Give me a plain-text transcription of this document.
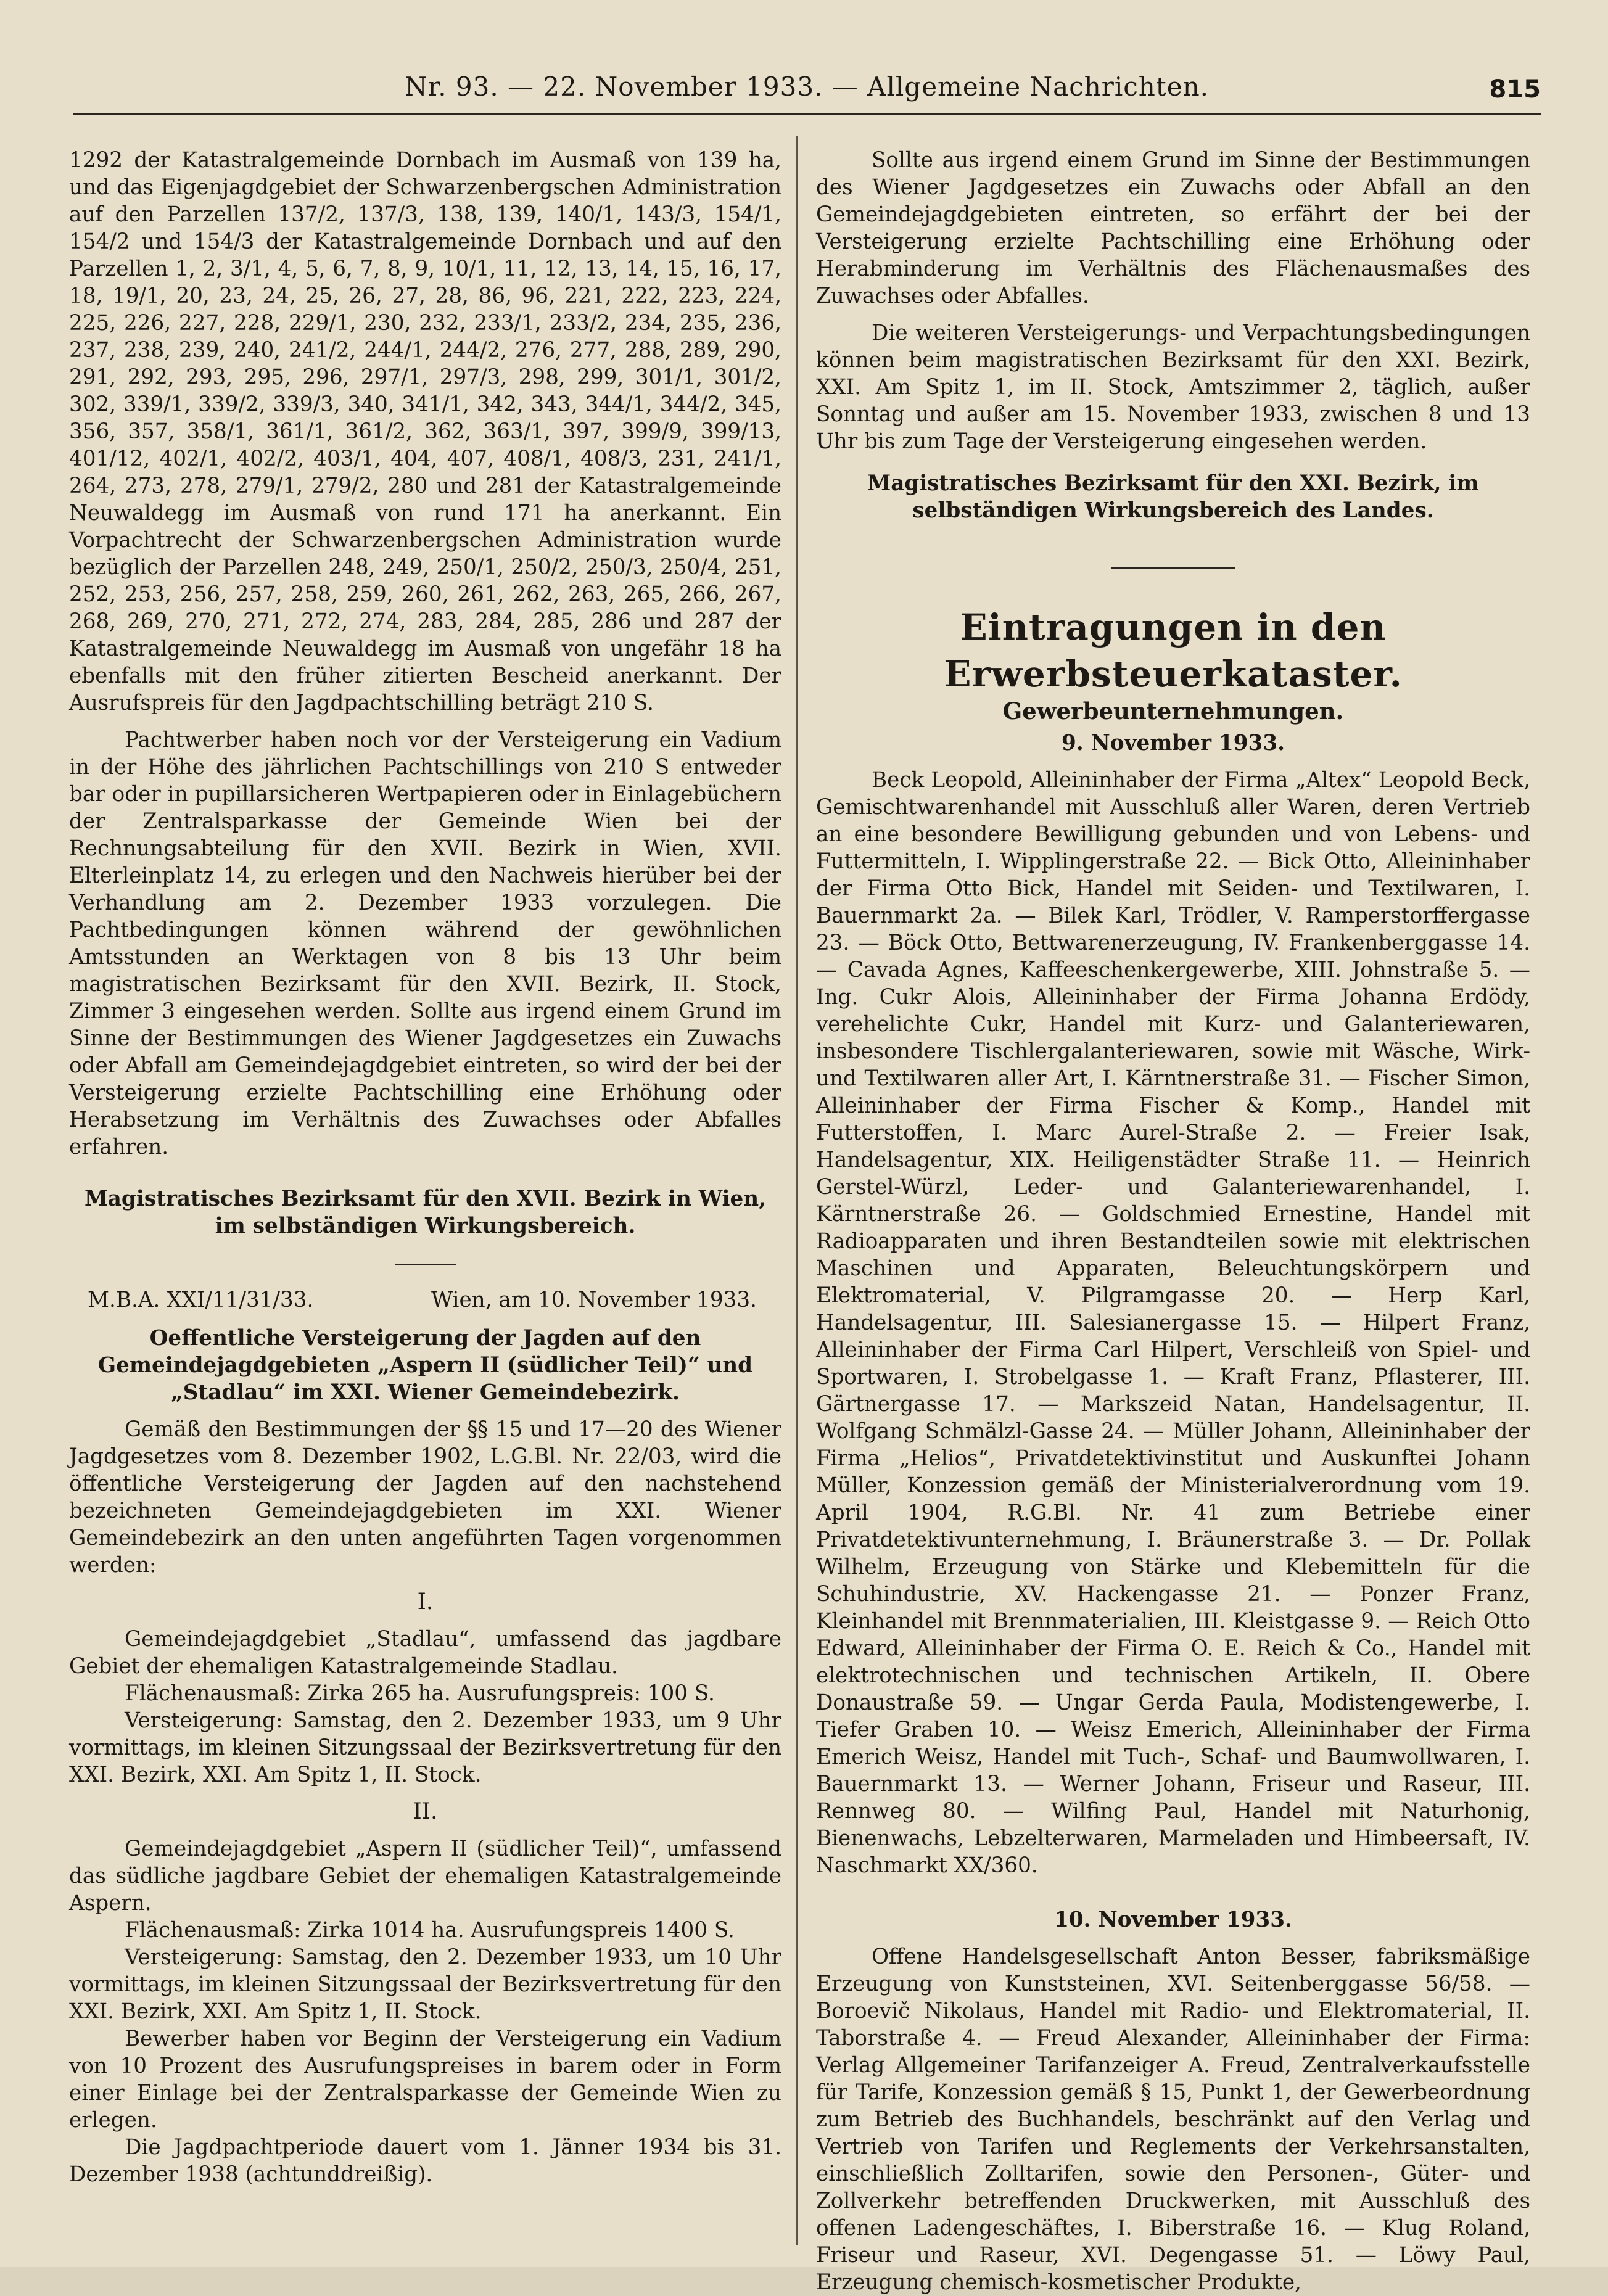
Nr. 93. — 22. November 1933. — Allgemeine Nachrichten.	815

1292 der Katastralgemeinde Dornbach im Ausmaß von 139 ha, und das Eigenjagdgebiet der Schwarzenbergschen Administration auf den Parzellen 137/2, 137/3, 138, 139, 140/1, 143/3, 154/1, 154/2 und 154/3 der Katastralgemeinde Dornbach und auf den Parzellen 1, 2, 3/1, 4, 5, 6, 7, 8, 9, 10/1, 11, 12, 13, 14, 15, 16, 17, 18, 19/1, 20, 23, 24, 25, 26, 27, 28, 86, 96, 221, 222, 223, 224, 225, 226, 227, 228, 229/1, 230, 232, 233/1, 233/2, 234, 235, 236, 237, 238, 239, 240, 241/2, 244/1, 244/2, 276, 277, 288, 289, 290, 291, 292, 293, 295, 296, 297/1, 297/3, 298, 299, 301/1, 301/2, 302, 339/1, 339/2, 339/3, 340, 341/1, 342, 343, 344/1, 344/2, 345, 356, 357, 358/1, 361/1, 361/2, 362, 363/1, 397, 399/9, 399/13, 401/12, 402/1, 402/2, 403/1, 404, 407, 408/1, 408/3, 231, 241/1, 264, 273, 278, 279/1, 279/2, 280 und 281 der Katastralgemeinde Neuwaldegg im Ausmaß von rund 171 ha anerkannt. Ein Vorpachtrecht der Schwarzenbergschen Administration wurde bezüglich der Parzellen 248, 249, 250/1, 250/2, 250/3, 250/4, 251, 252, 253, 256, 257, 258, 259, 260, 261, 262, 263, 265, 266, 267, 268, 269, 270, 271, 272, 274, 283, 284, 285, 286 und 287 der Katastralgemeinde Neuwaldegg im Ausmaß von ungefähr 18 ha ebenfalls mit den früher zitierten Bescheid anerkannt. Der Ausrufspreis für den Jagdpachtschilling beträgt 210 S.

Pachtwerber haben noch vor der Versteigerung ein Vadium in der Höhe des jährlichen Pachtschillings von 210 S entweder bar oder in pupillarsicheren Wertpapieren oder in Einlagebüchern der Zentralsparkasse der Gemeinde Wien bei der Rechnungsabteilung für den XVII. Bezirk in Wien, XVII. Elterleinplatz 14, zu erlegen und den Nachweis hierüber bei der Verhandlung am 2. Dezember 1933 vorzulegen. Die Pachtbedingungen können während der gewöhnlichen Amtsstunden an Werktagen von 8 bis 13 Uhr beim magistratischen Bezirksamt für den XVII. Bezirk, II. Stock, Zimmer 3 eingesehen werden. Sollte aus irgend einem Grund im Sinne der Bestimmungen des Wiener Jagdgesetzes ein Zuwachs oder Abfall am Gemeindejagdgebiet eintreten, so wird der bei der Versteigerung erzielte Pachtschilling eine Erhöhung oder Herabsetzung im Verhältnis des Zuwachses oder Abfalles erfahren.

Magistratisches Bezirksamt für den XVII. Bezirk in Wien, im selbständigen Wirkungsbereich.

M.B.A. XXI/11/31/33.	Wien, am 10. November 1933.

Oeffentliche Versteigerung der Jagden auf den Gemeindejagdgebieten „Aspern II (südlicher Teil)“ und „Stadlau“ im XXI. Wiener Gemeindebezirk.

Gemäß den Bestimmungen der §§ 15 und 17—20 des Wiener Jagdgesetzes vom 8. Dezember 1902, L.G.Bl. Nr. 22/03, wird die öffentliche Versteigerung der Jagden auf den nachstehend bezeichneten Gemeindejagdgebieten im XXI. Wiener Gemeindebezirk an den unten angeführten Tagen vorgenommen werden:

I.

Gemeindejagdgebiet „Stadlau“, umfassend das jagdbare Gebiet der ehemaligen Katastralgemeinde Stadlau.

Flächenausmaß: Zirka 265 ha. Ausrufungspreis: 100 S.

Versteigerung: Samstag, den 2. Dezember 1933, um 9 Uhr vormittags, im kleinen Sitzungssaal der Bezirksvertretung für den XXI. Bezirk, XXI. Am Spitz 1, II. Stock.

II.

Gemeindejagdgebiet „Aspern II (südlicher Teil)“, umfassend das südliche jagdbare Gebiet der ehemaligen Katastralgemeinde Aspern.

Flächenausmaß: Zirka 1014 ha. Ausrufungspreis 1400 S.

Versteigerung: Samstag, den 2. Dezember 1933, um 10 Uhr vormittags, im kleinen Sitzungssaal der Bezirksvertretung für den XXI. Bezirk, XXI. Am Spitz 1, II. Stock.

Bewerber haben vor Beginn der Versteigerung ein Vadium von 10 Prozent des Ausrufungspreises in barem oder in Form einer Einlage bei der Zentralsparkasse der Gemeinde Wien zu erlegen.

Die Jagdpachtperiode dauert vom 1. Jänner 1934 bis 31. Dezember 1938 (achtunddreißig).

Sollte aus irgend einem Grund im Sinne der Bestimmungen des Wiener Jagdgesetzes ein Zuwachs oder Abfall an den Gemeindejagdgebieten eintreten, so erfährt der bei der Versteigerung erzielte Pachtschilling eine Erhöhung oder Herabminderung im Verhältnis des Flächenausmaßes des Zuwachses oder Abfalles.

Die weiteren Versteigerungs- und Verpachtungsbedingungen können beim magistratischen Bezirksamt für den XXI. Bezirk, XXI. Am Spitz 1, im II. Stock, Amtszimmer 2, täglich, außer Sonntag und außer am 15. November 1933, zwischen 8 und 13 Uhr bis zum Tage der Versteigerung eingesehen werden.

Magistratisches Bezirksamt für den XXI. Bezirk, im selbständigen Wirkungsbereich des Landes.

Eintragungen in den Erwerbsteuerkataster.

Gewerbeunternehmungen.

9. November 1933.

Beck Leopold, Alleininhaber der Firma „Altex“ Leopold Beck, Gemischtwarenhandel mit Ausschluß aller Waren, deren Vertrieb an eine besondere Bewilligung gebunden und von Lebens- und Futtermitteln, I. Wipplingerstraße 22. — Bick Otto, Alleininhaber der Firma Otto Bick, Handel mit Seiden- und Textilwaren, I. Bauernmarkt 2a. — Bilek Karl, Trödler, V. Ramperstorffergasse 23. — Böck Otto, Bettwarenerzeugung, IV. Frankenberggasse 14. — Cavada Agnes, Kaffeeschenkergewerbe, XIII. Johnstraße 5. — Ing. Cukr Alois, Alleininhaber der Firma Johanna Erdödy, verehelichte Cukr, Handel mit Kurz- und Galanteriewaren, insbesondere Tischlergalanteriewaren, sowie mit Wäsche, Wirk- und Textilwaren aller Art, I. Kärntnerstraße 31. — Fischer Simon, Alleininhaber der Firma Fischer & Komp., Handel mit Futterstoffen, I. Marc Aurel-Straße 2. — Freier Isak, Handelsagentur, XIX. Heiligenstädter Straße 11. — Heinrich Gerstel-Würzl, Leder- und Galanteriewarenhandel, I. Kärntnerstraße 26. — Goldschmied Ernestine, Handel mit Radioapparaten und ihren Bestandteilen sowie mit elektrischen Maschinen und Apparaten, Beleuchtungskörpern und Elektromaterial, V. Pilgramgasse 20. — Herp Karl, Handelsagentur, III. Salesianergasse 15. — Hilpert Franz, Alleininhaber der Firma Carl Hilpert, Verschleiß von Spiel- und Sportwaren, I. Strobelgasse 1. — Kraft Franz, Pflasterer, III. Gärtnergasse 17. — Markszeid Natan, Handelsagentur, II. Wolfgang Schmälzl-Gasse 24. — Müller Johann, Alleininhaber der Firma „Helios“, Privatdetektivinstitut und Auskunftei Johann Müller, Konzession gemäß der Ministerialverordnung vom 19. April 1904, R.G.Bl. Nr. 41 zum Betriebe einer Privatdetektivunternehmung, I. Bräunerstraße 3. — Dr. Pollak Wilhelm, Erzeugung von Stärke und Klebemitteln für die Schuhindustrie, XV. Hackengasse 21. — Ponzer Franz, Kleinhandel mit Brennmaterialien, III. Kleistgasse 9. — Reich Otto Edward, Alleininhaber der Firma O. E. Reich & Co., Handel mit elektrotechnischen und technischen Artikeln, II. Obere Donaustraße 59. — Ungar Gerda Paula, Modistengewerbe, I. Tiefer Graben 10. — Weisz Emerich, Alleininhaber der Firma Emerich Weisz, Handel mit Tuch-, Schaf- und Baumwollwaren, I. Bauernmarkt 13. — Werner Johann, Friseur und Raseur, III. Rennweg 80. — Wilfing Paul, Handel mit Naturhonig, Bienenwachs, Lebzelterwaren, Marmeladen und Himbeersaft, IV. Naschmarkt XX/360.

10. November 1933.

Offene Handelsgesellschaft Anton Besser, fabriksmäßige Erzeugung von Kunststeinen, XVI. Seitenberggasse 56/58. — Boroevič Nikolaus, Handel mit Radio- und Elektromaterial, II. Taborstraße 4. — Freud Alexander, Alleininhaber der Firma: Verlag Allgemeiner Tarifanzeiger A. Freud, Zentralverkaufsstelle für Tarife, Konzession gemäß § 15, Punkt 1, der Gewerbeordnung zum Betrieb des Buchhandels, beschränkt auf den Verlag und Vertrieb von Tarifen und Reglements der Verkehrsanstalten, einschließlich Zolltarifen, sowie den Personen-, Güter- und Zollverkehr betreffenden Druckwerken, mit Ausschluß des offenen Ladengeschäftes, I. Biberstraße 16. — Klug Roland, Friseur und Raseur, XVI. Degengasse 51. — Löwy Paul, Erzeugung chemisch-kosmetischer Produkte,
